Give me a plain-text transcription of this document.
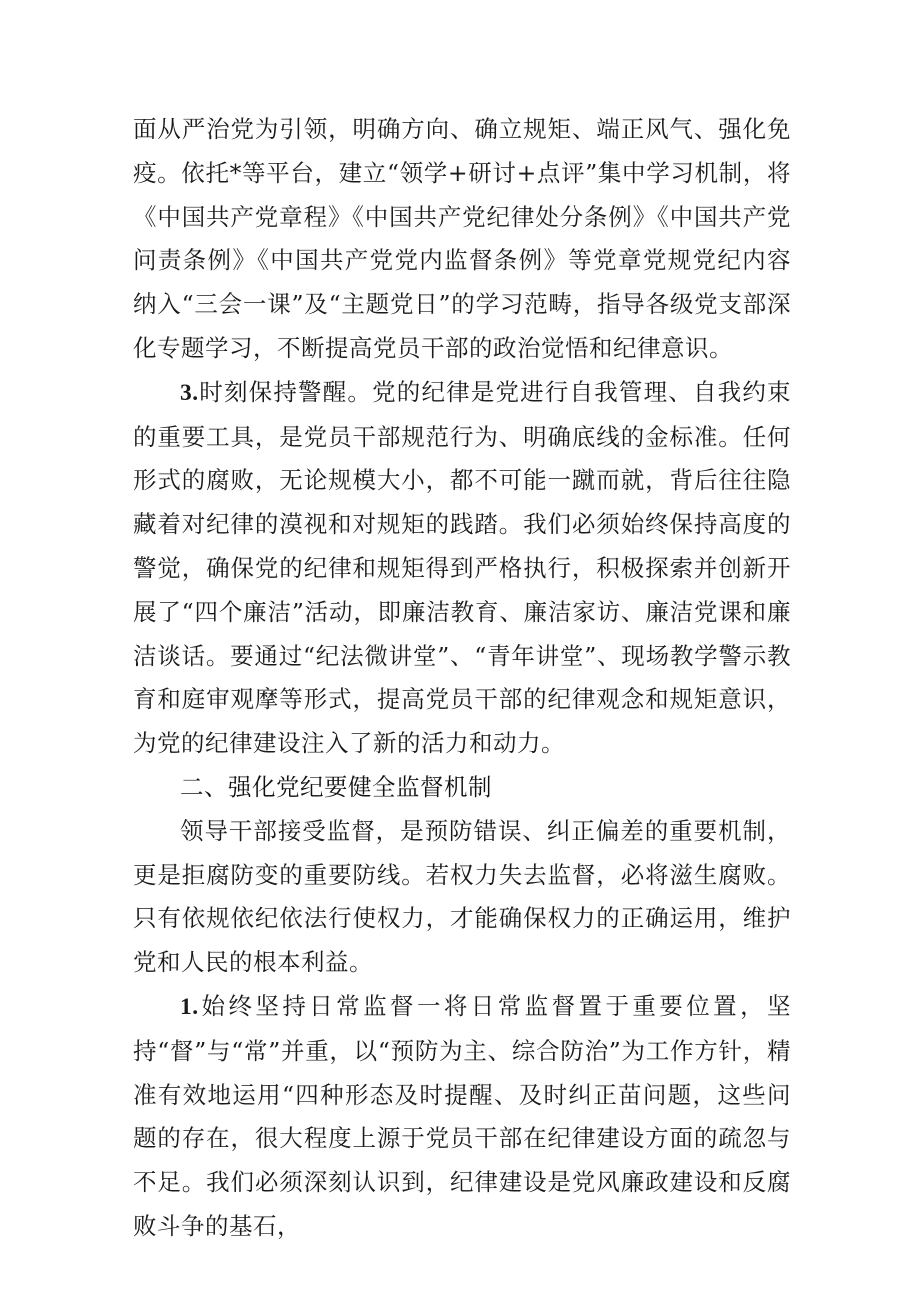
面从严治党为引领，明确方向、确立规矩、端正风气、强化免疫。依托*等平台，建立“领学+研讨+点评”集中学习机制，将《中国共产党章程》《中国共产党纪律处分条例》《中国共产党问责条例》《中国共产党党内监督条例》等党章党规党纪内容纳入“三会一课”及“主题党日”的学习范畴，指导各级党支部深化专题学习，不断提高党员干部的政治觉悟和纪律意识。

3.时刻保持警醒。党的纪律是党进行自我管理、自我约束的重要工具，是党员干部规范行为、明确底线的金标准。任何形式的腐败，无论规模大小，都不可能一蹴而就，背后往往隐藏着对纪律的漠视和对规矩的践踏。我们必须始终保持高度的警觉，确保党的纪律和规矩得到严格执行，积极探索并创新开展了“四个廉洁”活动，即廉洁教育、廉洁家访、廉洁党课和廉洁谈话。要通过“纪法微讲堂”、“青年讲堂”、现场教学警示教育和庭审观摩等形式，提高党员干部的纪律观念和规矩意识，为党的纪律建设注入了新的活力和动力。

二、强化党纪要健全监督机制

领导干部接受监督，是预防错误、纠正偏差的重要机制，更是拒腐防变的重要防线。若权力失去监督，必将滋生腐败。只有依规依纪依法行使权力，才能确保权力的正确运用，维护党和人民的根本利益。

1.始终坚持日常监督一将日常监督置于重要位置，坚持“督”与“常”并重，以“预防为主、综合防治”为工作方针，精准有效地运用“四种形态及时提醒、及时纠正苗问题，这些问题的存在，很大程度上源于党员干部在纪律建设方面的疏忽与不足。我们必须深刻认识到，纪律建设是党风廉政建设和反腐败斗争的基石，
